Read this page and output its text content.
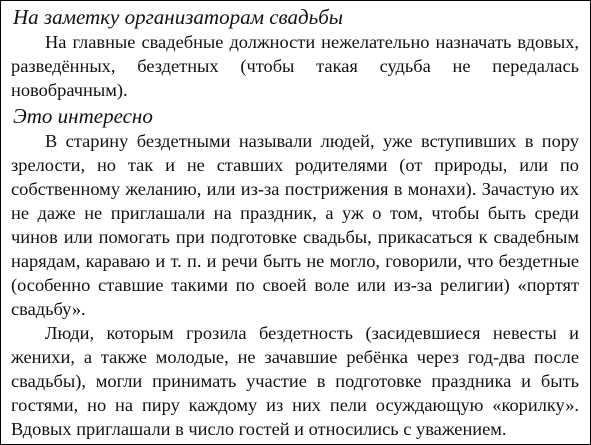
На заметку организаторам свадьбы

На главные свадебные должности нежелательно назначать вдовых, разведённых, бездетных (чтобы такая судьба не передалась новобрачным).

Это интересно

В старину бездетными называли людей, уже вступивших в пору зрелости, но так и не ставших родителями (от природы, или по собственному желанию, или из-за пострижения в монахи). Зачастую их не даже не приглашали на праздник, а уж о том, чтобы быть среди чинов или помогать при подготовке свадьбы, прикасаться к свадебным нарядам, караваю и т. п. и речи быть не могло, говорили, что бездетные (особенно ставшие такими по своей воле или из-за религии) «портят свадьбу».

Люди, которым грозила бездетность (засидевшиеся невесты и женихи, а также молодые, не зачавшие ребёнка через год-два после свадьбы), могли принимать участие в подготовке праздника и быть гостями, но на пиру каждому из них пели осуждающую «корилку». Вдовых приглашали в число гостей и относились с уважением.
